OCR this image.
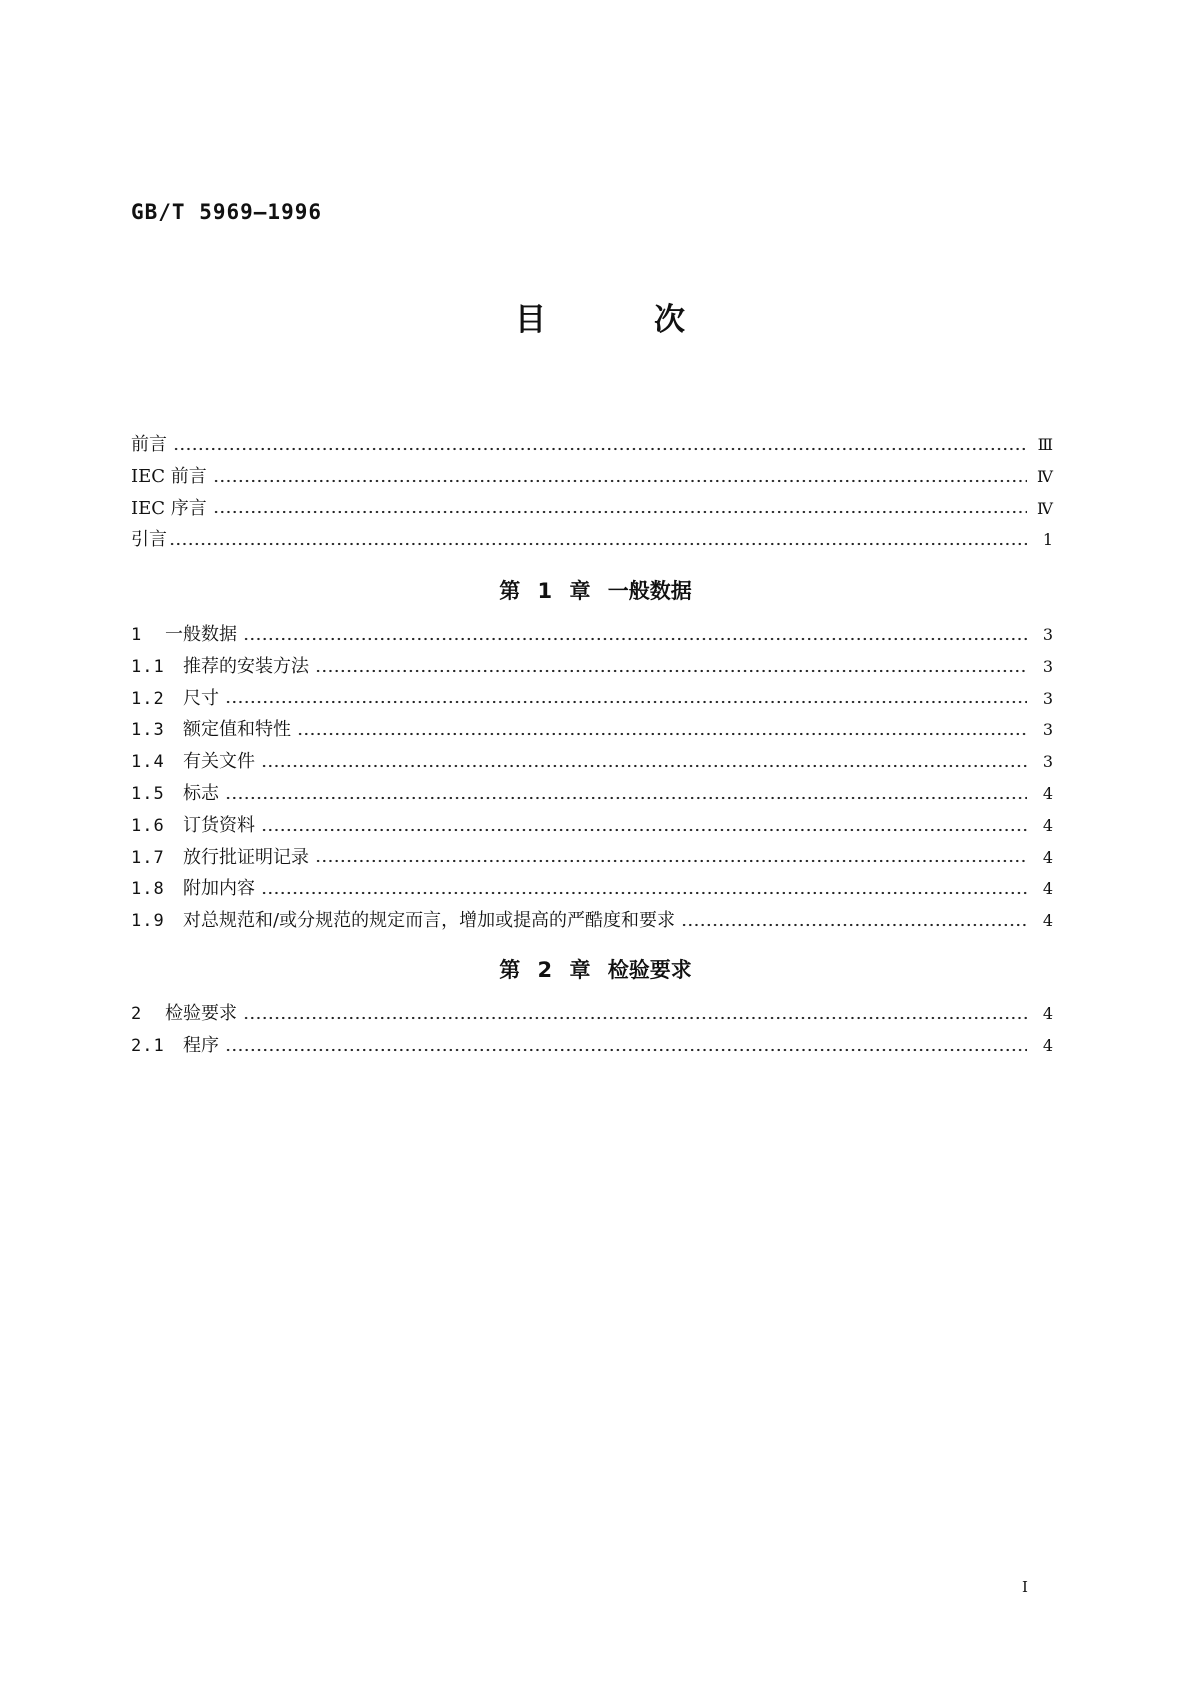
GB/T 5969—1996
目	次
前言	Ⅲ
IEC 前言	Ⅳ
IEC 序言	Ⅳ
引言	1
第 1 章 一般数据
1	一般数据	3
1.1	推荐的安装方法	3
1.2	尺寸	3
1.3	额定值和特性	3
1.4	有关文件	3
1.5	标志	4
1.6	订货资料	4
1.7	放行批证明记录	4
1.8	附加内容	4
1.9	对总规范和/或分规范的规定而言，增加或提高的严酷度和要求	4
第 2 章 检验要求
2	检验要求	4
2.1	程序	4
I
